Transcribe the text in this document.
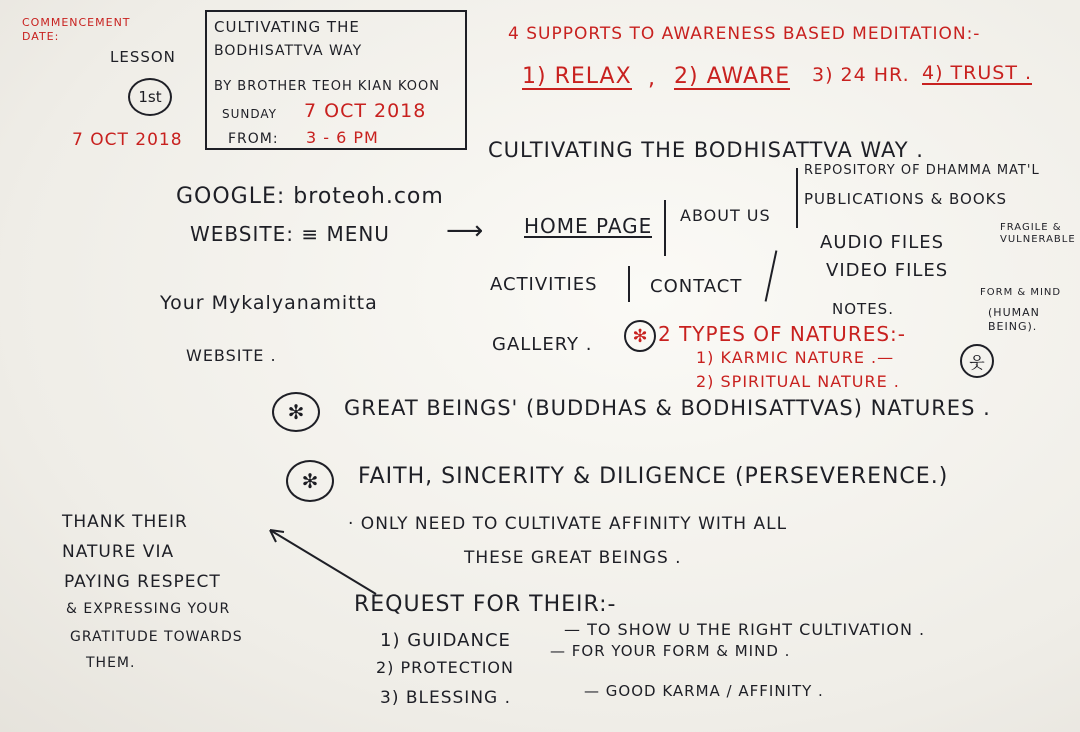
COMMENCEMENT DATE:
LESSON
1st
7 OCT 2018
CULTIVATING THE
BODHISATTVA WAY
BY BROTHER TEOH KIAN KOON
SUNDAY 7 OCT 2018
FROM: 3 - 6 PM
4 SUPPORTS TO AWARENESS BASED MEDITATION:-
1) RELAX , 2) AWARE 3) 24 HR. 4) TRUST .
CULTIVATING THE BODHISATTVA WAY .
GOOGLE: broteoh.com
WEBSITE: ≡ MENU ⟶ HOME PAGE ABOUT US
REPOSITORY OF DHAMMA MAT'L
PUBLICATIONS & BOOKS
AUDIO FILES
VIDEO FILES
NOTES.
FRAGILE & VULNERABLE
FORM & MIND
(HUMAN BEING).
ACTIVITIES	CONTACT
GALLERY .
Your Mykalyanamitta
WEBSITE .
✻ 2 TYPES OF NATURES:-
1) KARMIC NATURE .—
2) SPIRITUAL NATURE .
웃
✻ GREAT BEINGS' (BUDDHAS & BODHISATTVAS) NATURES .
✻ FAITH, SINCERITY & DILIGENCE (PERSEVERENCE.)
· ONLY NEED TO CULTIVATE AFFINITY WITH ALL
THESE GREAT BEINGS .
THANK THEIR
NATURE VIA
PAYING RESPECT
& EXPRESSING YOUR
GRATITUDE TOWARDS
THEM.
REQUEST FOR THEIR:-
1) GUIDANCE
— TO SHOW U THE RIGHT CULTIVATION .
2) PROTECTION
— FOR YOUR FORM & MIND .
3) BLESSING .	— GOOD KARMA / AFFINITY .
